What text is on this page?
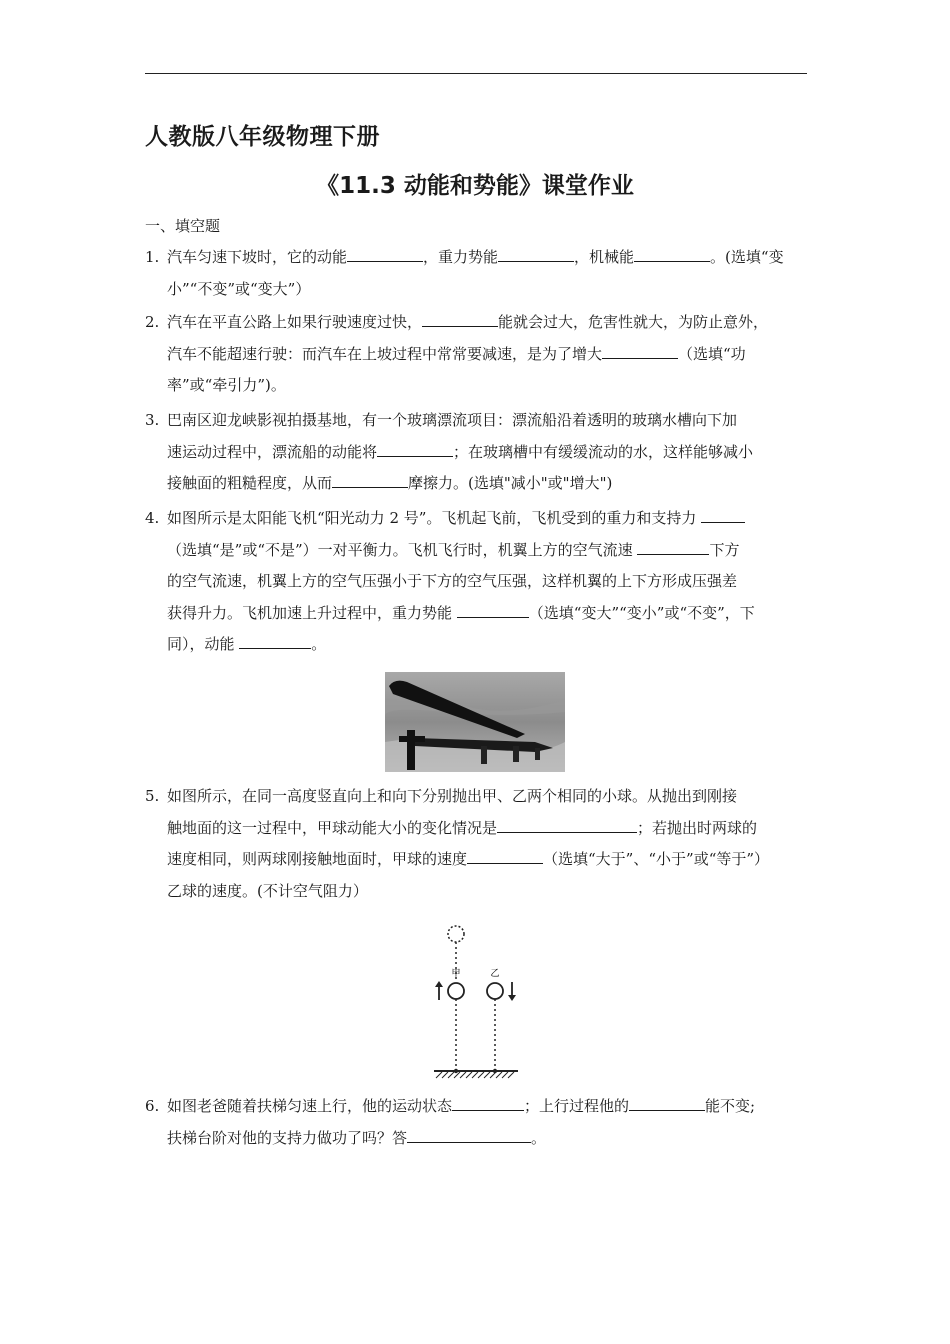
人教版八年级物理下册
《11.3 动能和势能》课堂作业
一、填空题
1. 汽车匀速下坡时，它的动能	，重力势能	，机械能	。(选填“变
小”“不变”或“变大”）
2. 汽车在平直公路上如果行驶速度过快，	能就会过大，危害性就大，为防止意外，
汽车不能超速行驶：而汽车在上坡过程中常常要减速，是为了增大	（选填“功
率”或“牵引力”)。
3. 巴南区迎龙峡影视拍摄基地，有一个玻璃漂流项目：漂流船沿着透明的玻璃水槽向下加
速运动过程中，漂流船的动能将	；在玻璃槽中有缓缓流动的水，这样能够减小
接触面的粗糙程度，从而	摩擦力。(选填"减小"或"增大")
4. 如图所示是太阳能飞机“阳光动力 2 号”。飞机起飞前，飞机受到的重力和支持力
（选填“是”或“不是”）一对平衡力。飞机飞行时，机翼上方的空气流速	下方
的空气流速，机翼上方的空气压强小于下方的空气压强，这样机翼的上下方形成压强差
获得升力。飞机加速上升过程中，重力势能	（选填“变大”“变小”或“不变”，下
同），动能	。
5. 如图所示，在同一高度竖直向上和向下分别抛出甲、乙两个相同的小球。从抛出到刚接
触地面的这一过程中，甲球动能大小的变化情况是	；若抛出时两球的
速度相同，则两球刚接触地面时，甲球的速度	（选填“大于”、“小于”或“等于”）
乙球的速度。(不计空气阻力）
甲	乙
6. 如图老爸随着扶梯匀速上行，他的运动状态	；上行过程他的	能不变;
扶梯台阶对他的支持力做功了吗？答	。
